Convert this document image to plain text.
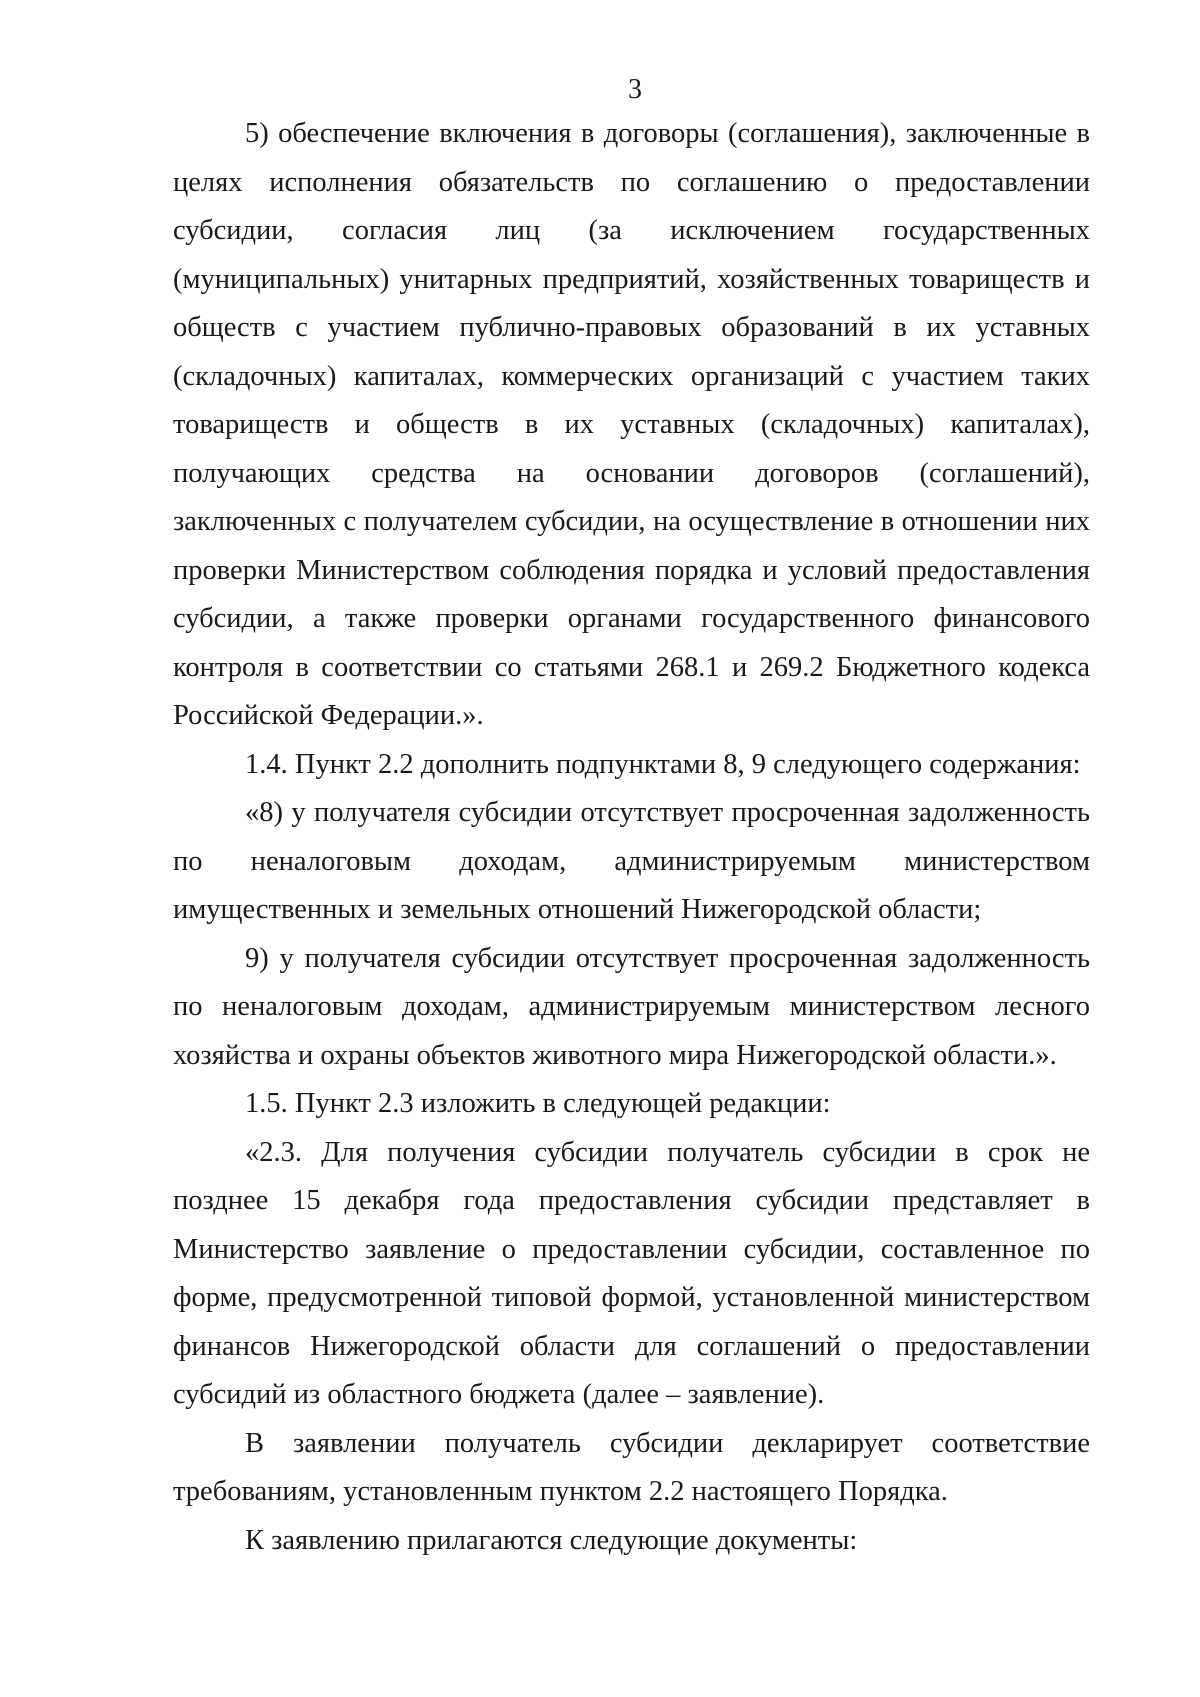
3

5) обеспечение включения в договоры (соглашения), заключенные в целях исполнения обязательств по соглашению о предоставлении субсидии, согласия лиц (за исключением государственных (муниципальных) унитарных предприятий, хозяйственных товариществ и обществ с участием публично-правовых образований в их уставных (складочных) капиталах, коммерческих организаций с участием таких товариществ и обществ в их уставных (складочных) капиталах), получающих средства на основании договоров (соглашений), заключенных с получателем субсидии, на осуществление в отношении них проверки Министерством соблюдения порядка и условий предоставления субсидии, а также проверки органами государственного финансового контроля в соответствии со статьями 268.1 и 269.2 Бюджетного кодекса Российской Федерации.».

1.4. Пункт 2.2 дополнить подпунктами 8, 9 следующего содержания:

«8) у получателя субсидии отсутствует просроченная задолженность по неналоговым доходам, администрируемым министерством имущественных и земельных отношений Нижегородской области;

9) у получателя субсидии отсутствует просроченная задолженность по неналоговым доходам, администрируемым министерством лесного хозяйства и охраны объектов животного мира Нижегородской области.».

1.5. Пункт 2.3 изложить в следующей редакции:

«2.3. Для получения субсидии получатель субсидии в срок не позднее 15 декабря года предоставления субсидии представляет в Министерство заявление о предоставлении субсидии, составленное по форме, предусмотренной типовой формой, установленной министерством финансов Нижегородской области для соглашений о предоставлении субсидий из областного бюджета (далее – заявление).

В заявлении получатель субсидии декларирует соответствие требованиям, установленным пунктом 2.2 настоящего Порядка.

К заявлению прилагаются следующие документы:
